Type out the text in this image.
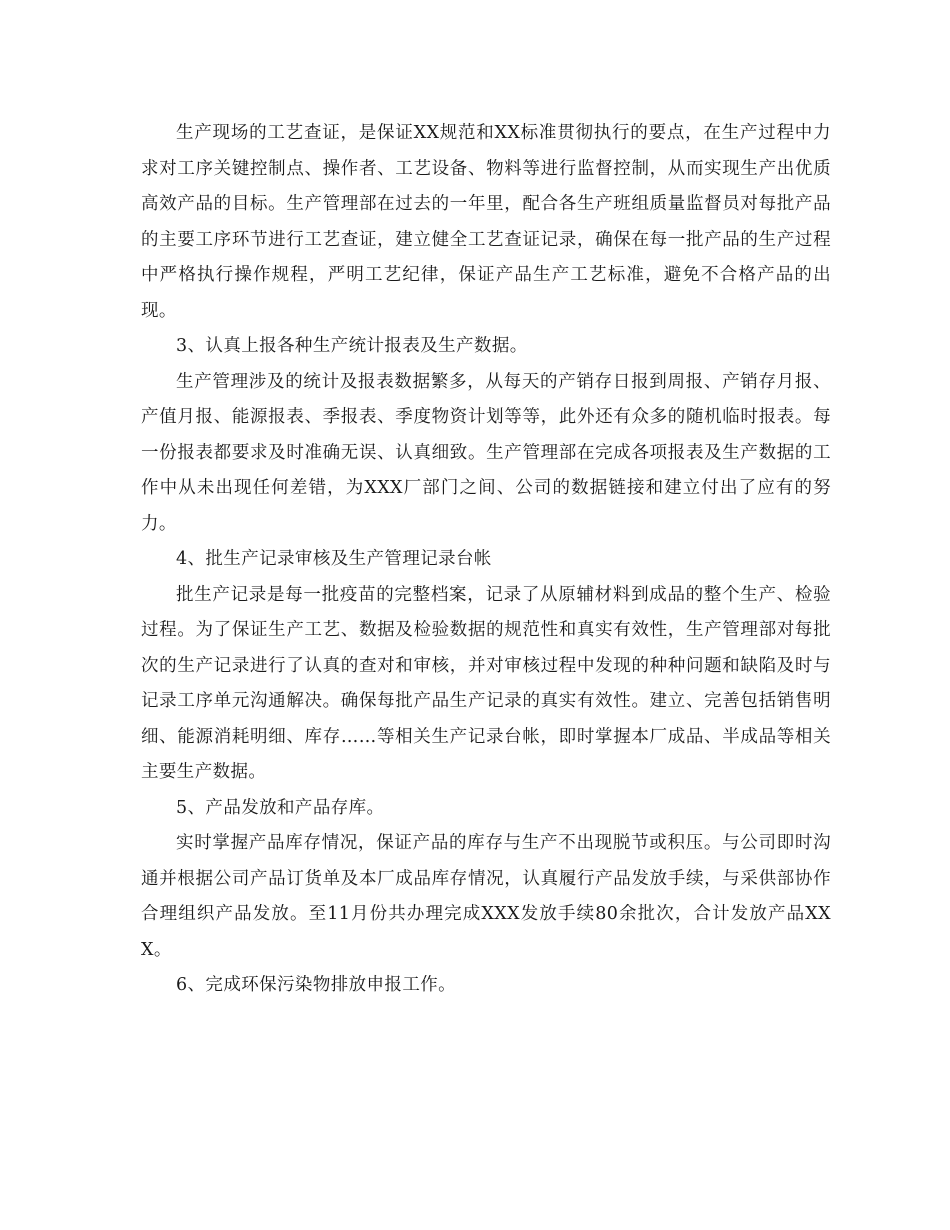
生产现场的工艺查证，是保证XX规范和XX标准贯彻执行的要点，在生产过程中力求对工序关键控制点、操作者、工艺设备、物料等进行监督控制，从而实现生产出优质高效产品的目标。生产管理部在过去的一年里，配合各生产班组质量监督员对每批产品的主要工序环节进行工艺查证，建立健全工艺查证记录，确保在每一批产品的生产过程中严格执行操作规程，严明工艺纪律，保证产品生产工艺标准，避免不合格产品的出现。

3、认真上报各种生产统计报表及生产数据。

生产管理涉及的统计及报表数据繁多，从每天的产销存日报到周报、产销存月报、产值月报、能源报表、季报表、季度物资计划等等，此外还有众多的随机临时报表。每一份报表都要求及时准确无误、认真细致。生产管理部在完成各项报表及生产数据的工作中从未出现任何差错，为XXX厂部门之间、公司的数据链接和建立付出了应有的努力。

4、批生产记录审核及生产管理记录台帐

批生产记录是每一批疫苗的完整档案，记录了从原辅材料到成品的整个生产、检验过程。为了保证生产工艺、数据及检验数据的规范性和真实有效性，生产管理部对每批次的生产记录进行了认真的查对和审核，并对审核过程中发现的种种问题和缺陷及时与记录工序单元沟通解决。确保每批产品生产记录的真实有效性。建立、完善包括销售明细、能源消耗明细、库存……等相关生产记录台帐，即时掌握本厂成品、半成品等相关主要生产数据。

5、产品发放和产品存库。

实时掌握产品库存情况，保证产品的库存与生产不出现脱节或积压。与公司即时沟通并根据公司产品订货单及本厂成品库存情况，认真履行产品发放手续，与采供部协作合理组织产品发放。至11月份共办理完成XXX发放手续80余批次，合计发放产品XXX。

6、完成环保污染物排放申报工作。
